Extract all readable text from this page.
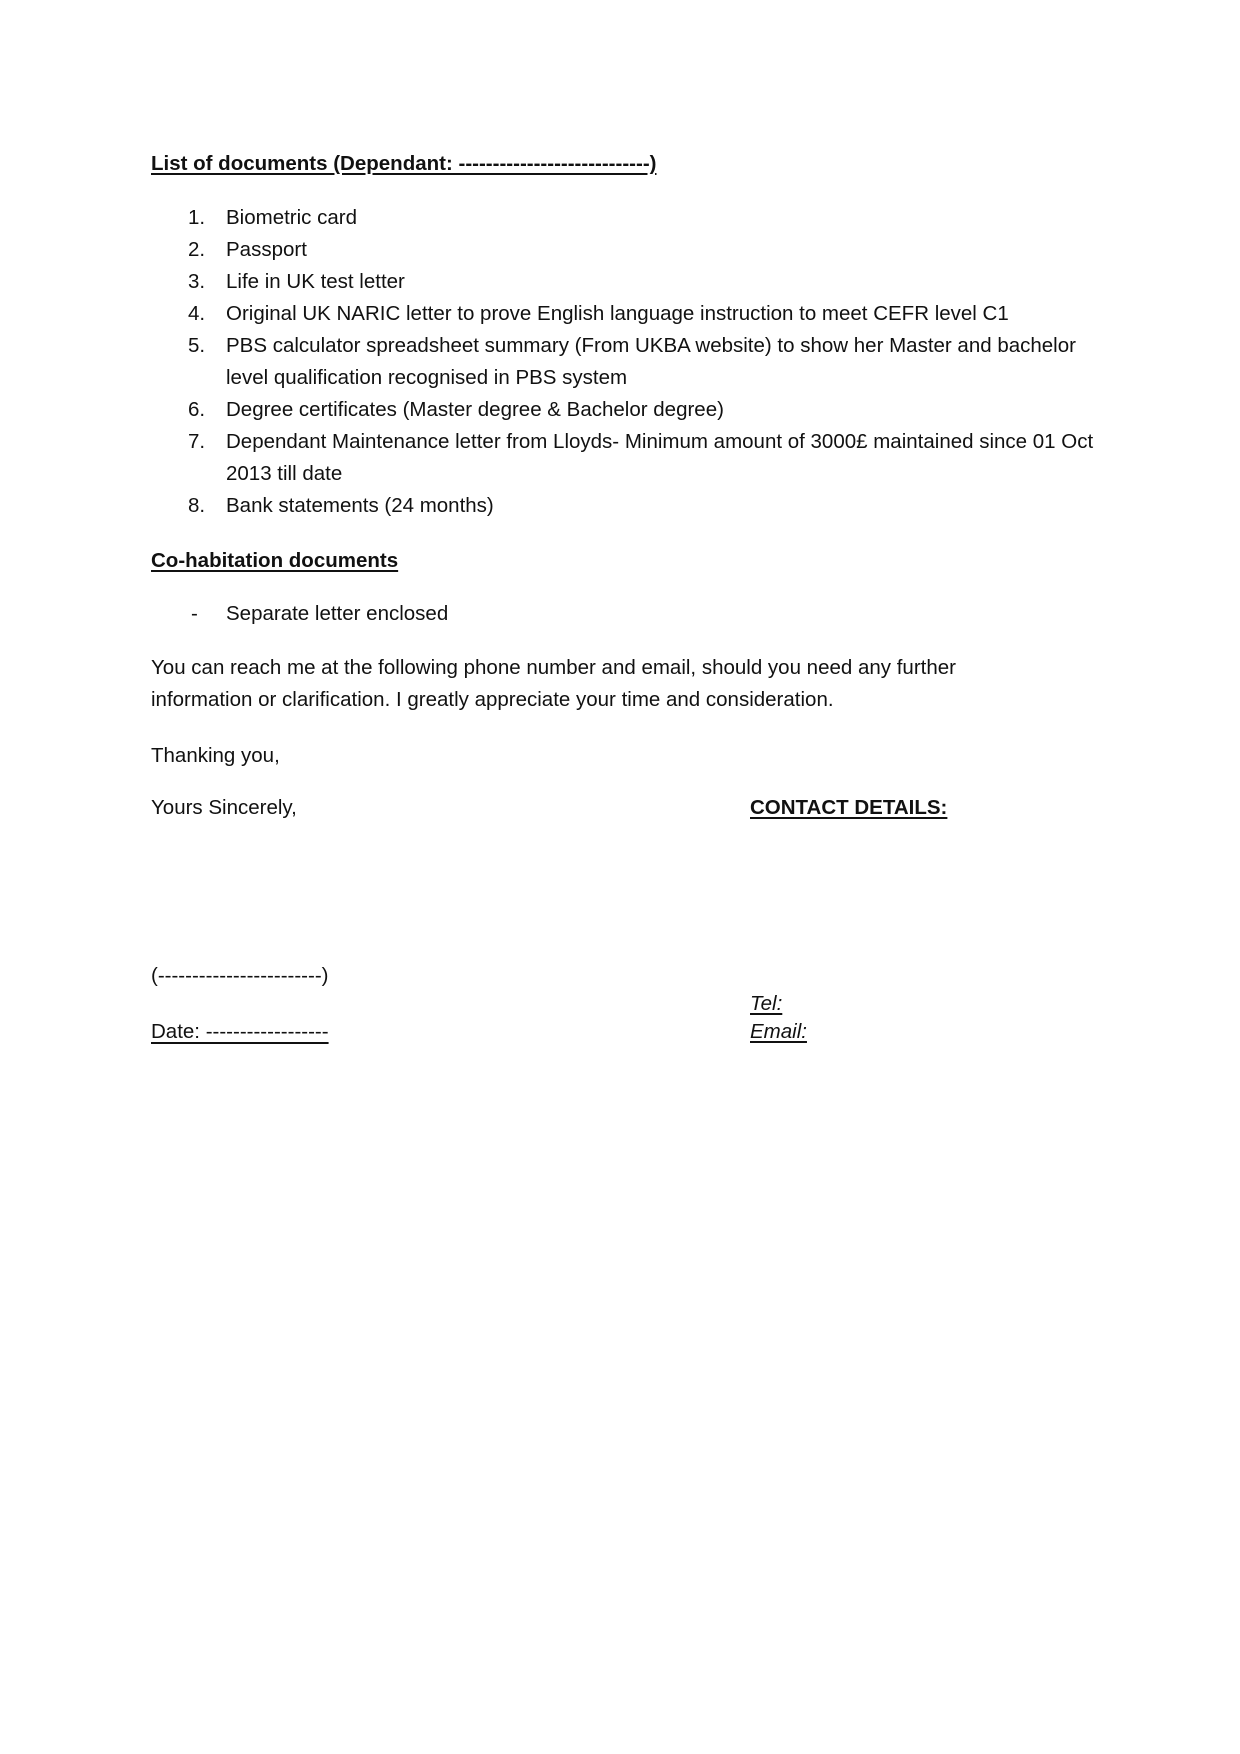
List of documents (Dependant: ----------------------------)
1.	Biometric card
2.	Passport
3.	Life in UK test letter
4.	Original UK NARIC letter to prove English language instruction to meet CEFR level C1
5.	PBS calculator spreadsheet summary (From UKBA website) to show her Master and bachelor level qualification recognised in PBS system
6.	Degree certificates (Master degree & Bachelor degree)
7.	Dependant Maintenance letter from Lloyds- Minimum amount of 3000£ maintained since 01 Oct 2013 till date
8.	Bank statements (24 months)
Co-habitation documents
-	Separate letter enclosed
You can reach me at the following phone number and email, should you need any further information or clarification. I greatly appreciate your time and consideration.
Thanking you,
Yours Sincerely,	CONTACT DETAILS:
(------------------------)
Tel:
Date: ------------------	Email:
